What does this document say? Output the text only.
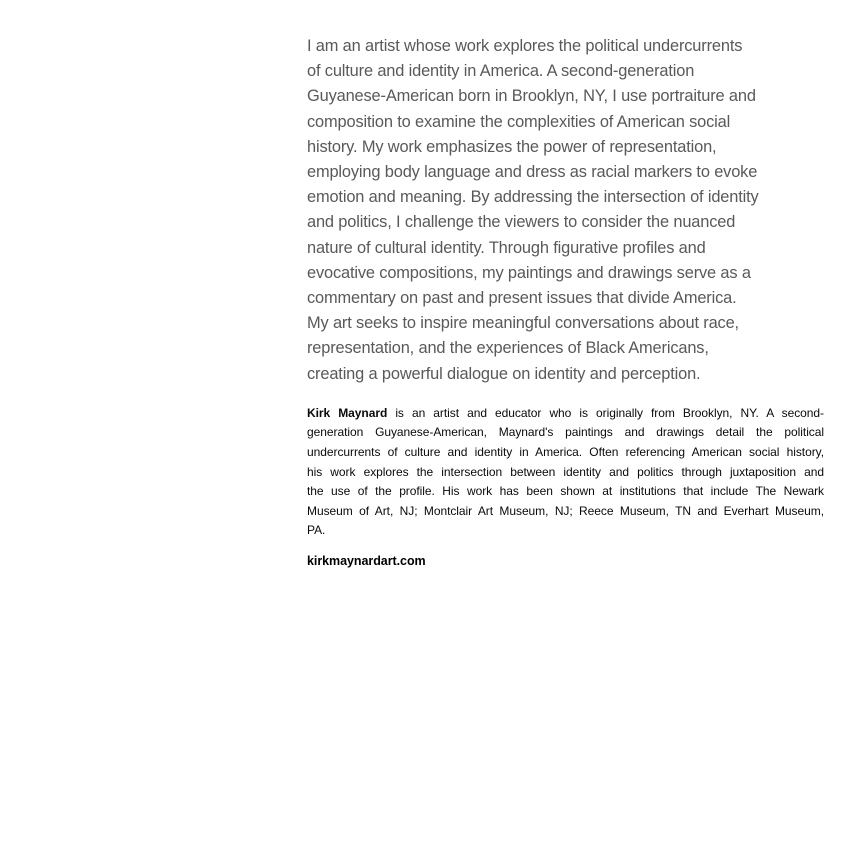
I am an artist whose work explores the political undercurrents
of culture and identity in America. A second-generation
Guyanese-American born in Brooklyn, NY, I use portraiture and
composition to examine the complexities of American social
history. My work emphasizes the power of representation,
employing body language and dress as racial markers to evoke
emotion and meaning. By addressing the intersection of identity
and politics, I challenge the viewers to consider the nuanced
nature of cultural identity. Through figurative profiles and
evocative compositions, my paintings and drawings serve as a
commentary on past and present issues that divide America.
My art seeks to inspire meaningful conversations about race,
representation, and the experiences of Black Americans,
creating a powerful dialogue on identity and perception.
Kirk Maynard is an artist and educator who is originally from Brooklyn, NY. A second-
generation Guyanese-American, Maynard's paintings and drawings detail the political
undercurrents of culture and identity in America. Often referencing American social history,
his work explores the intersection between identity and politics through juxtaposition and
the use of the profile. His work has been shown at institutions that include The Newark
Museum of Art, NJ; Montclair Art Museum, NJ; Reece Museum, TN and Everhart Museum,
PA.
kirkmaynardart.com
